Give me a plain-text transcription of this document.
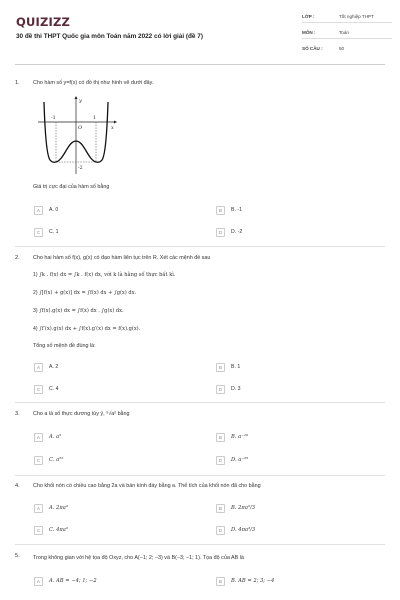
QUIZIZZ
30 đề thi THPT Quốc gia môn Toán năm 2022 có lời giải (đề 7)
LỚP :	Tốt nghiệp THPT
MÔN :	Toán
SỐ CÂU :	50
1. Cho hàm số y=f(x) có đồ thị như hình vẽ dưới đây.
y
x
O
-1	1
-2
Giá trị cực đại của hàm số bằng
A	A. 0	B	B. -1
C	C. 1	D	D. -2
2. Cho hai hàm số f(x), g(x) có đạo hàm liên tục trên R. Xét các mệnh đề sau
1) ∫k . f(x) dx = ∫k . f(x) dx, với k là hằng số thực bất kì.
2) ∫[f(x) + g(x)] dx = ∫f(x) dx + ∫g(x) dx.
3) ∫f(x).g(x) dx = ∫f(x) dx . ∫g(x) dx.
4) ∫f′(x).g(x) dx + ∫f(x).g′(x) dx = f(x).g(x).
Tổng số mệnh đề đúng là:
A	A. 2	B	B. 1
C	C. 4	D	D. 3
3. Cho a là số thực dương tùy ý, ⁵√a² bằng
A	A. a⁵	B	B. a⁻¹⁰
C	C. a²⁵	D	D. a⁻²⁵
4. Cho khối nón có chiều cao bằng 2a và bán kính đáy bằng a. Thể tích của khối nón đã cho bằng
A	A. 2πa³	B	B. 2πa³/3
C	C. 4πa³	D	D. 4πa³/3
5. Trong không gian với hệ tọa độ Oxyz, cho A(−1; 2; −3) và B(−3; −1; 1). Tọa độ của AB là
A	A. AB = −4; 1; −2	B	B. AB = 2; 3; −4
